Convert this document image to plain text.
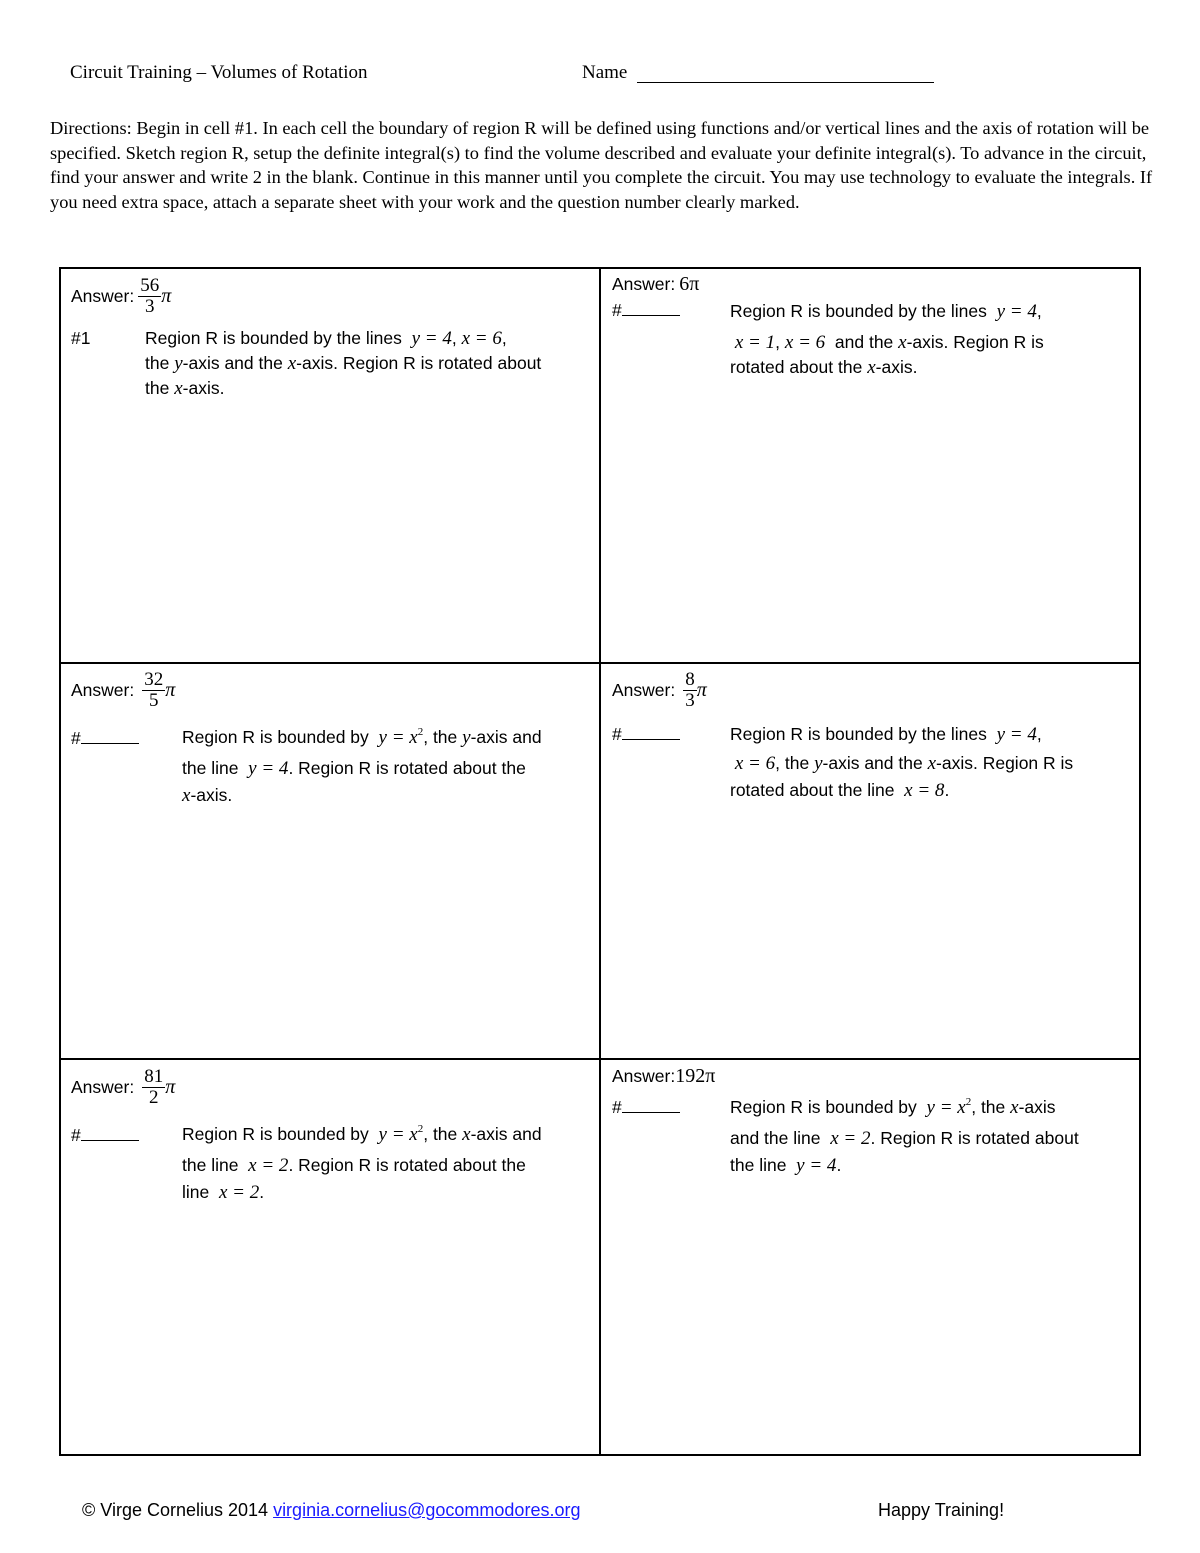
Circuit Training – Volumes of Rotation	Name
Directions: Begin in cell #1. In each cell the boundary of region R will be defined using functions and/or vertical lines and the axis of rotation will be specified. Sketch region R, setup the definite integral(s) to find the volume described and evaluate your definite integral(s). To advance in the circuit, find your answer and write 2 in the blank. Continue in this manner until you complete the circuit. You may use technology to evaluate the integrals. If you need extra space, attach a separate sheet with your work and the question number clearly marked.
Answer: $\frac{56}{3}$ π
#1	Region R is bounded by the lines y = 4, x = 6,
the y-axis and the x-axis. Region R is rotated about
the x-axis.
Answer:
6π
#	Region R is bounded by the lines y = 4,
x = 1, x = 6 and the x-axis. Region R is
rotated about the x-axis.
Answer:
$\frac{32}{5}$ π
#	Region R is bounded by $y = x^2$, the y-axis and
the line y = 4. Region R is rotated about the
x-axis.
Answer:
$\frac{8}{3}$ π
#	Region R is bounded by the lines y = 4,
x = 6, the y-axis and the x-axis. Region R is
rotated about the line x = 8.
Answer:
$\frac{81}{2}$ π
#	Region R is bounded by $y = x^2$, the x-axis and
the line x = 2. Region R is rotated about the
line x = 2.
Answer: 192π
#	Region R is bounded by $y = x^2$, the x-axis
and the line x = 2. Region R is rotated about
the line y = 4.
© Virge Cornelius 2014 virginia.cornelius@gocommodores.org	Happy Training!
